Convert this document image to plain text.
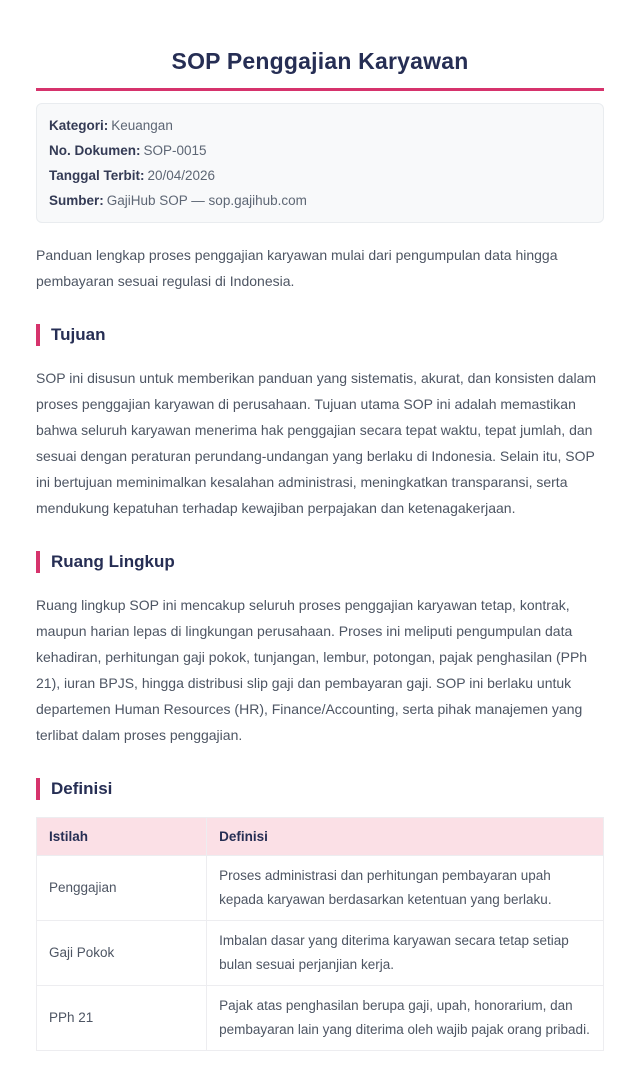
SOP Penggajian Karyawan
Kategori: Keuangan
No. Dokumen: SOP-0015
Tanggal Terbit: 20/04/2026
Sumber: GajiHub SOP — sop.gajihub.com

Panduan lengkap proses penggajian karyawan mulai dari pengumpulan data hingga pembayaran sesuai regulasi di Indonesia.

Tujuan

SOP ini disusun untuk memberikan panduan yang sistematis, akurat, dan konsisten dalam proses penggajian karyawan di perusahaan. Tujuan utama SOP ini adalah memastikan bahwa seluruh karyawan menerima hak penggajian secara tepat waktu, tepat jumlah, dan sesuai dengan peraturan perundang-undangan yang berlaku di Indonesia. Selain itu, SOP ini bertujuan meminimalkan kesalahan administrasi, meningkatkan transparansi, serta mendukung kepatuhan terhadap kewajiban perpajakan dan ketenagakerjaan.

Ruang Lingkup

Ruang lingkup SOP ini mencakup seluruh proses penggajian karyawan tetap, kontrak, maupun harian lepas di lingkungan perusahaan. Proses ini meliputi pengumpulan data kehadiran, perhitungan gaji pokok, tunjangan, lembur, potongan, pajak penghasilan (PPh 21), iuran BPJS, hingga distribusi slip gaji dan pembayaran gaji. SOP ini berlaku untuk departemen Human Resources (HR), Finance/Accounting, serta pihak manajemen yang terlibat dalam proses penggajian.

Definisi
Istilah	Definisi
Penggajian	Proses administrasi dan perhitungan pembayaran upah kepada karyawan berdasarkan ketentuan yang berlaku.
Gaji Pokok	Imbalan dasar yang diterima karyawan secara tetap setiap bulan sesuai perjanjian kerja.
PPh 21	Pajak atas penghasilan berupa gaji, upah, honorarium, dan pembayaran lain yang diterima oleh wajib pajak orang pribadi.
